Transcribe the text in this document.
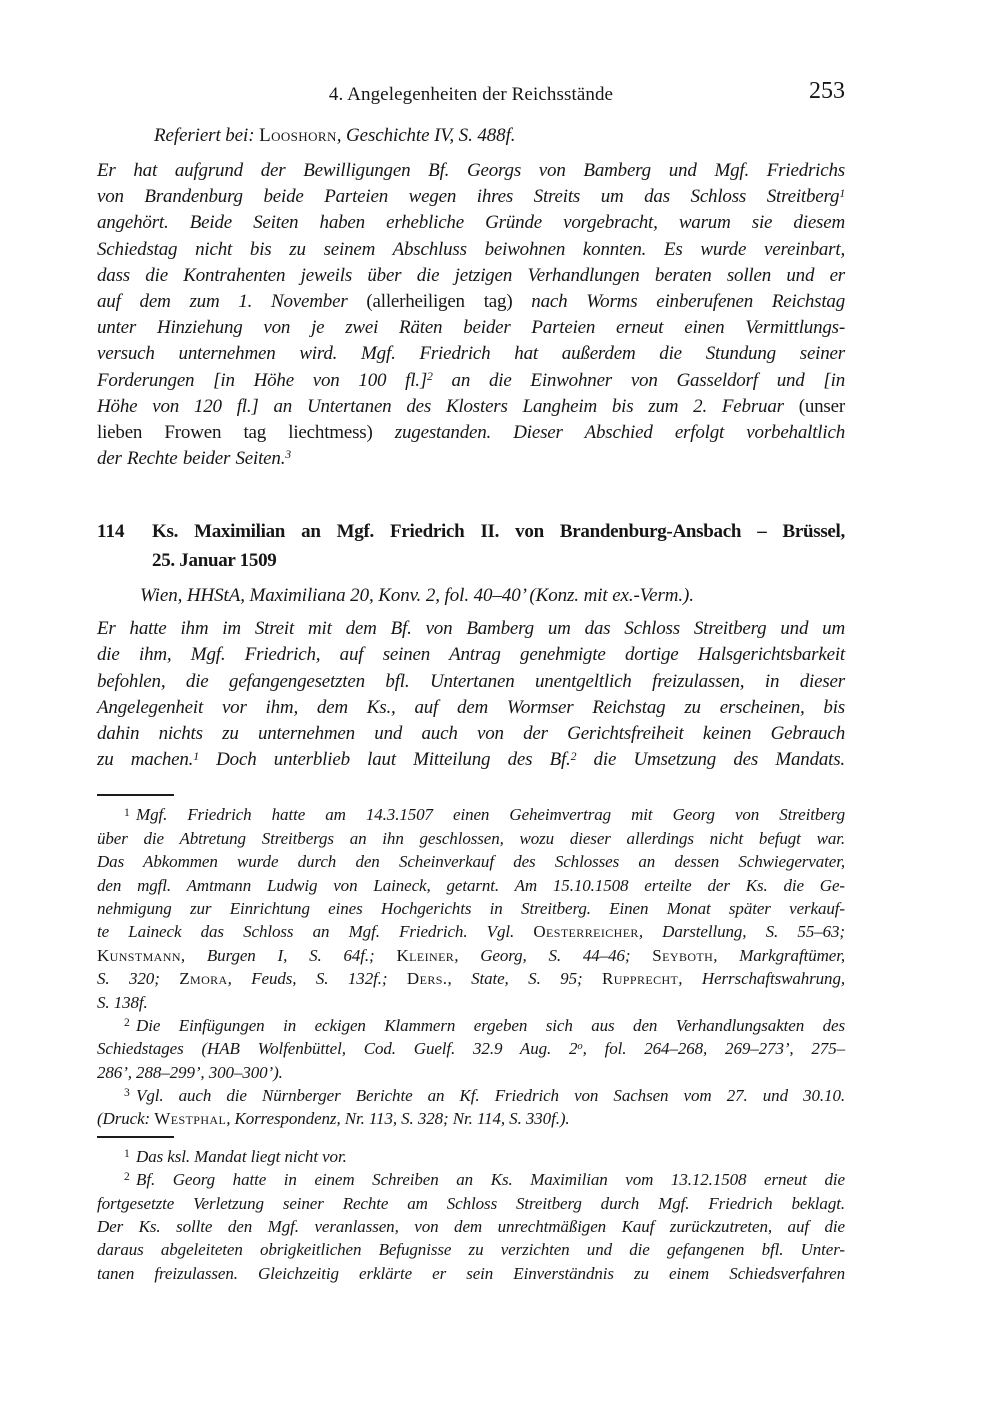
4. Angelegenheiten der Reichsstände	253
Referiert bei: Looshorn, Geschichte IV, S. 488f.
Er hat aufgrund der Bewilligungen Bf. Georgs von Bamberg und Mgf. Friedrichs
von Brandenburg beide Parteien wegen ihres Streits um das Schloss Streitberg$^1$
angehört. Beide Seiten haben erhebliche Gründe vorgebracht, warum sie diesem
Schiedstag nicht bis zu seinem Abschluss beiwohnen konnten. Es wurde vereinbart,
dass die Kontrahenten jeweils über die jetzigen Verhandlungen beraten sollen und er
auf dem zum 1. November (allerheiligen tag) nach Worms einberufenen Reichstag
unter Hinziehung von je zwei Räten beider Parteien erneut einen Vermittlungs-
versuch unternehmen wird. Mgf. Friedrich hat außerdem die Stundung seiner
Forderungen [in Höhe von 100 fl.]$^2$ an die Einwohner von Gasseldorf und [in
Höhe von 120 fl.] an Untertanen des Klosters Langheim bis zum 2. Februar (unser
lieben Frowen tag liechtmess) zugestanden. Dieser Abschied erfolgt vorbehaltlich
der Rechte beider Seiten.$^3$
114	Ks. Maximilian an Mgf. Friedrich II. von Brandenburg-Ansbach – Brüssel,
25. Januar 1509
Wien, HHStA, Maximiliana 20, Konv. 2, fol. 40–40’ (Konz. mit ex.-Verm.).
Er hatte ihm im Streit mit dem Bf. von Bamberg um das Schloss Streitberg und um
die ihm, Mgf. Friedrich, auf seinen Antrag genehmigte dortige Halsgerichtsbarkeit
befohlen, die gefangengesetzten bfl. Untertanen unentgeltlich freizulassen, in dieser
Angelegenheit vor ihm, dem Ks., auf dem Wormser Reichstag zu erscheinen, bis
dahin nichts zu unternehmen und auch von der Gerichtsfreiheit keinen Gebrauch
zu machen.$^1$ Doch unterblieb laut Mitteilung des Bf.$^2$ die Umsetzung des Mandats.
$^1$ Mgf. Friedrich hatte am 14.3.1507 einen Geheimvertrag mit Georg von Streitberg
über die Abtretung Streitbergs an ihn geschlossen, wozu dieser allerdings nicht befugt war.
Das Abkommen wurde durch den Scheinverkauf des Schlosses an dessen Schwiegervater,
den mgfl. Amtmann Ludwig von Laineck, getarnt. Am 15.10.1508 erteilte der Ks. die Ge-
nehmigung zur Einrichtung eines Hochgerichts in Streitberg. Einen Monat später verkauf-
te Laineck das Schloss an Mgf. Friedrich. Vgl. Oesterreicher, Darstellung, S. 55–63;
Kunstmann, Burgen I, S. 64f.; Kleiner, Georg, S. 44–46; Seyboth, Markgraftümer,
S. 320; Zmora, Feuds, S. 132f.; Ders., State, S. 95; Rupprecht, Herrschaftswahrung,
S. 138f.
$^2$ Die Einfügungen in eckigen Klammern ergeben sich aus den Verhandlungsakten des
Schiedstages (HAB Wolfenbüttel, Cod. Guelf. 32.9 Aug. 2$^o$, fol. 264–268, 269–273’, 275–
286’, 288–299’, 300–300’).
$^3$ Vgl. auch die Nürnberger Berichte an Kf. Friedrich von Sachsen vom 27. und 30.10.
(Druck: Westphal, Korrespondenz, Nr. 113, S. 328; Nr. 114, S. 330f.).
$^1$ Das ksl. Mandat liegt nicht vor.
$^2$ Bf. Georg hatte in einem Schreiben an Ks. Maximilian vom 13.12.1508 erneut die
fortgesetzte Verletzung seiner Rechte am Schloss Streitberg durch Mgf. Friedrich beklagt.
Der Ks. sollte den Mgf. veranlassen, von dem unrechtmäßigen Kauf zurückzutreten, auf die
daraus abgeleiteten obrigkeitlichen Befugnisse zu verzichten und die gefangenen bfl. Unter-
tanen freizulassen. Gleichzeitig erklärte er sein Einverständnis zu einem Schiedsverfahren
